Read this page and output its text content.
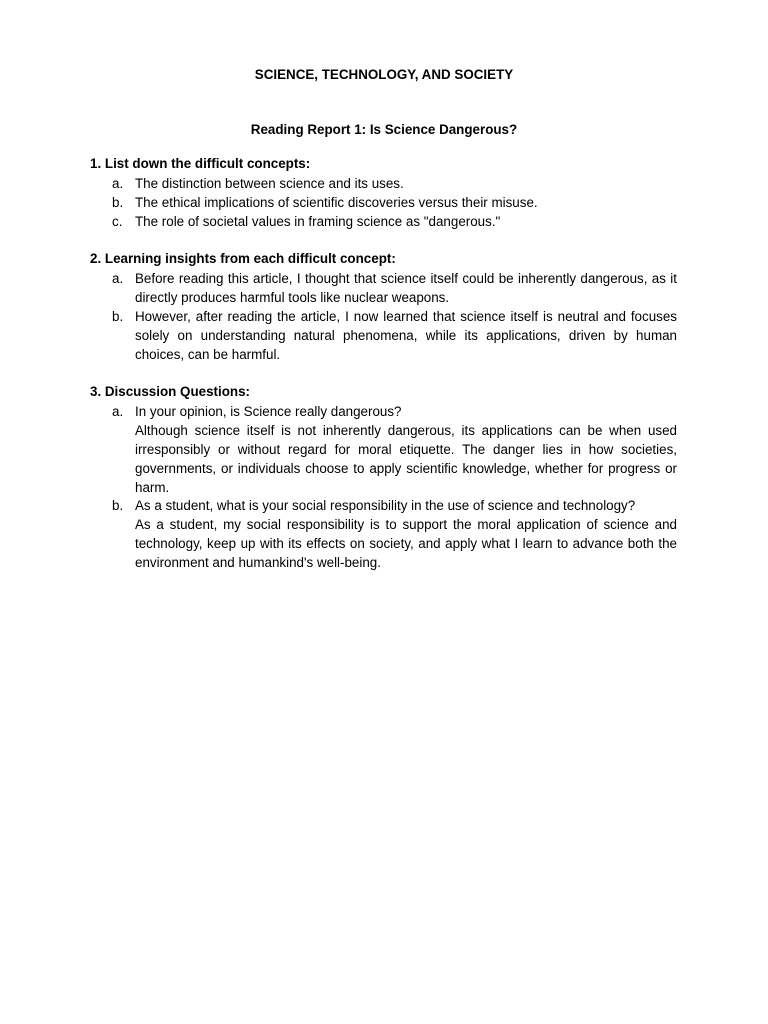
SCIENCE, TECHNOLOGY, AND SOCIETY
Reading Report 1: Is Science Dangerous?
1. List down the difficult concepts:
a. The distinction between science and its uses.
b. The ethical implications of scientific discoveries versus their misuse.
c. The role of societal values in framing science as "dangerous."
2. Learning insights from each difficult concept:
a. Before reading this article, I thought that science itself could be inherently dangerous, as it directly produces harmful tools like nuclear weapons.
b. However, after reading the article, I now learned that science itself is neutral and focuses solely on understanding natural phenomena, while its applications, driven by human choices, can be harmful.
3. Discussion Questions:
a. In your opinion, is Science really dangerous?

Although science itself is not inherently dangerous, its applications can be when used irresponsibly or without regard for moral etiquette. The danger lies in how societies, governments, or individuals choose to apply scientific knowledge, whether for progress or harm.

b. As a student, what is your social responsibility in the use of science and technology?

As a student, my social responsibility is to support the moral application of science and technology, keep up with its effects on society, and apply what I learn to advance both the environment and humankind's well-being.
